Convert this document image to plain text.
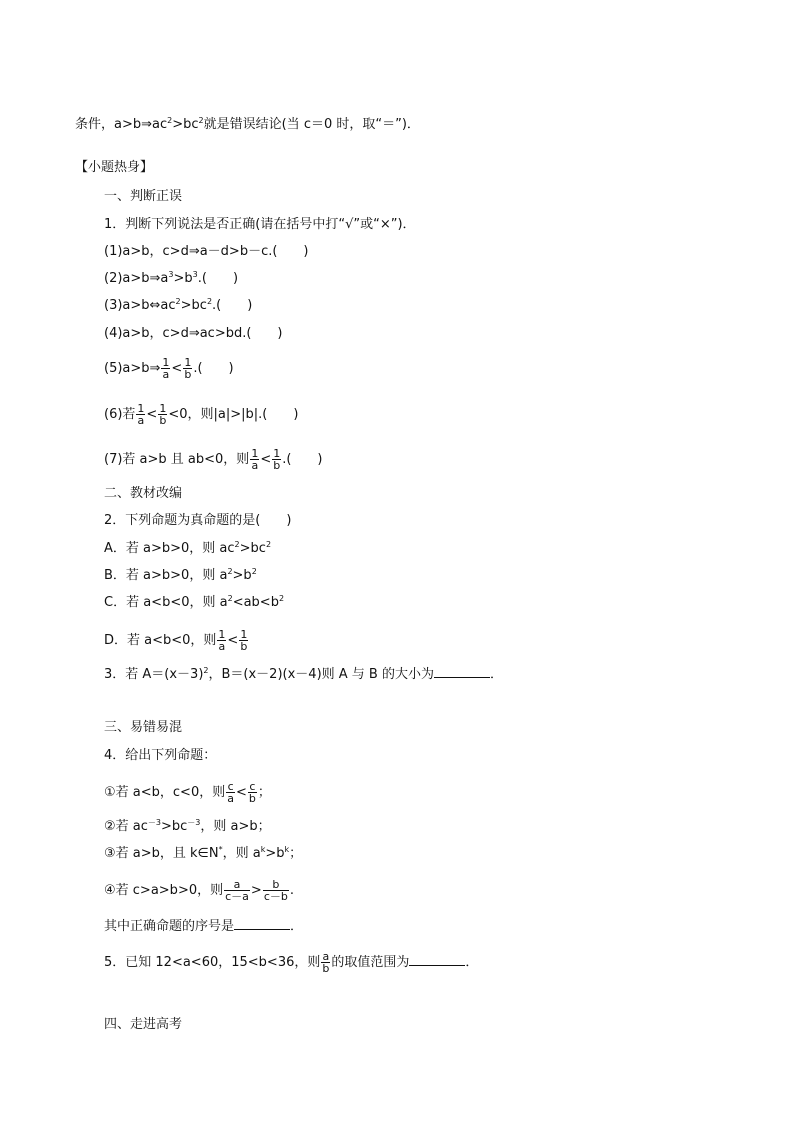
条件，$a>b\Rightarrow ac^2>bc^2$就是错误结论(当 c＝0 时，取“＝”)．
【小题热身】
一、判断正误
1．判断下列说法是否正确(请在括号中打“√”或“×”)．
(1)a>b，c>d⇒a－d>b－c.(　　)
$(2)a>b\Rightarrow a^3>b^3$.(　　)
$(3)a>b\Leftrightarrow ac^2>bc^2$.(　　)
(4)a>b，c>d⇒ac>bd.(　　)
(5)a>b⇒ $\frac{1}{a} < \frac{1}{b}$ .(　　)
(6)若 $\frac{1}{a} < \frac{1}{b} <0$，则|a|>|b|.(　　)
(7)若 a>b 且 ab<0，则 $\frac{1}{a} < \frac{1}{b}$ .(　　)
二、教材改编
2．下列命题为真命题的是(　　)
A．若 a>b>0，则 $ac^2>bc^2$
B．若 a>b>0，则 $a^2>b^2$
C．若 a<b<0，则 $a^2<ab<b^2$
D．若 a<b<0，则 $\frac{1}{a} < \frac{1}{b}$
3．若 $A=(x-3)^2$，B＝(x－2)(x－4)则 A 与 B 的大小为	．
三、易错易混
4．给出下列命题：
①若 a<b，c<0，则 $\frac{c}{a} < \frac{c}{b}$ ；
②若 $ac^{-3}>bc^{-3}$，则 a>b；
③若 a>b，且 k∈N*，则 $a^k>b^k$；
④若 c>a>b>0，则 $\frac{a}{c-a} > \frac{b}{c-b}$ .
其中正确命题的序号是	．
5．已知 12<a<60，15<b<36，则 $\frac{a}{b}$ 的取值范围为	．
四、走进高考
